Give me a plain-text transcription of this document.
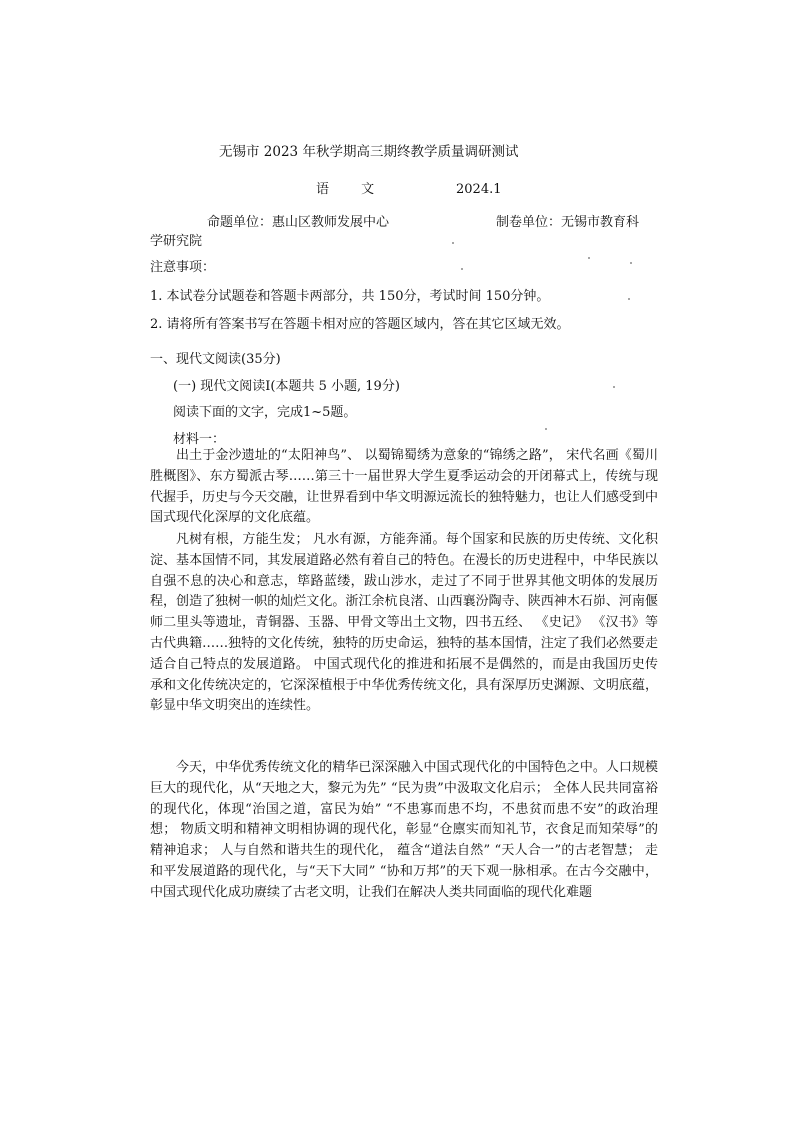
无锡市 2023 年秋学期高三期终教学质量调研测试
语 文	2024.1
命题单位：惠山区教师发展中心	制卷单位：无锡市教育科
学研究院
注意事项：
1. 本试卷分试题卷和答题卡两部分，共 150分，考试时间 150分钟。
2. 请将所有答案书写在答题卡相对应的答题区域内，答在其它区域无效。
一、现代文阅读(35分)
(一) 现代文阅读Ⅰ(本题共 5 小题, 19分)
阅读下面的文字，完成1~5题。
材料一：

出土于金沙遗址的“太阳神鸟”、 以蜀锦蜀绣为意象的“锦绣之路”， 宋代名画《蜀川胜概图》、东方蜀派古琴……第三十一届世界大学生夏季运动会的开闭幕式上，传统与现代握手，历史与今天交融，让世界看到中华文明源远流长的独特魅力，也让人们感受到中国式现代化深厚的文化底蕴。

凡树有根，方能生发； 凡水有源，方能奔涌。每个国家和民族的历史传统、文化积淀、基本国情不同，其发展道路必然有着自己的特色。在漫长的历史进程中，中华民族以自强不息的决心和意志，筚路蓝缕，跋山涉水，走过了不同于世界其他文明体的发展历程，创造了独树一帜的灿烂文化。浙江余杭良渚、山西襄汾陶寺、陕西神木石峁、河南偃师二里头等遗址，青铜器、玉器、甲骨文等出土文物，四书五经、 《史记》 《汉书》等古代典籍……独特的文化传统，独特的历史命运，独特的基本国情，注定了我们必然要走适合自己特点的发展道路。 中国式现代化的推进和拓展不是偶然的，而是由我国历史传承和文化传统决定的，它深深植根于中华优秀传统文化，具有深厚历史渊源、文明底蕴，彰显中华文明突出的连续性。

今天，中华优秀传统文化的精华已深深融入中国式现代化的中国特色之中。人口规模巨大的现代化，从“天地之大，黎元为先” “民为贵”中汲取文化启示； 全体人民共同富裕的现代化，体现“治国之道，富民为始” “不患寡而患不均，不患贫而患不安”的政治理想； 物质文明和精神文明相协调的现代化，彰显“仓廪实而知礼节，衣食足而知荣辱”的精神追求； 人与自然和谐共生的现代化， 蕴含“道法自然” “天人合一”的古老智慧； 走和平发展道路的现代化，与“天下大同” “协和万邦”的天下观一脉相承。在古今交融中，中国式现代化成功赓续了古老文明，让我们在解决人类共同面临的现代化难题
